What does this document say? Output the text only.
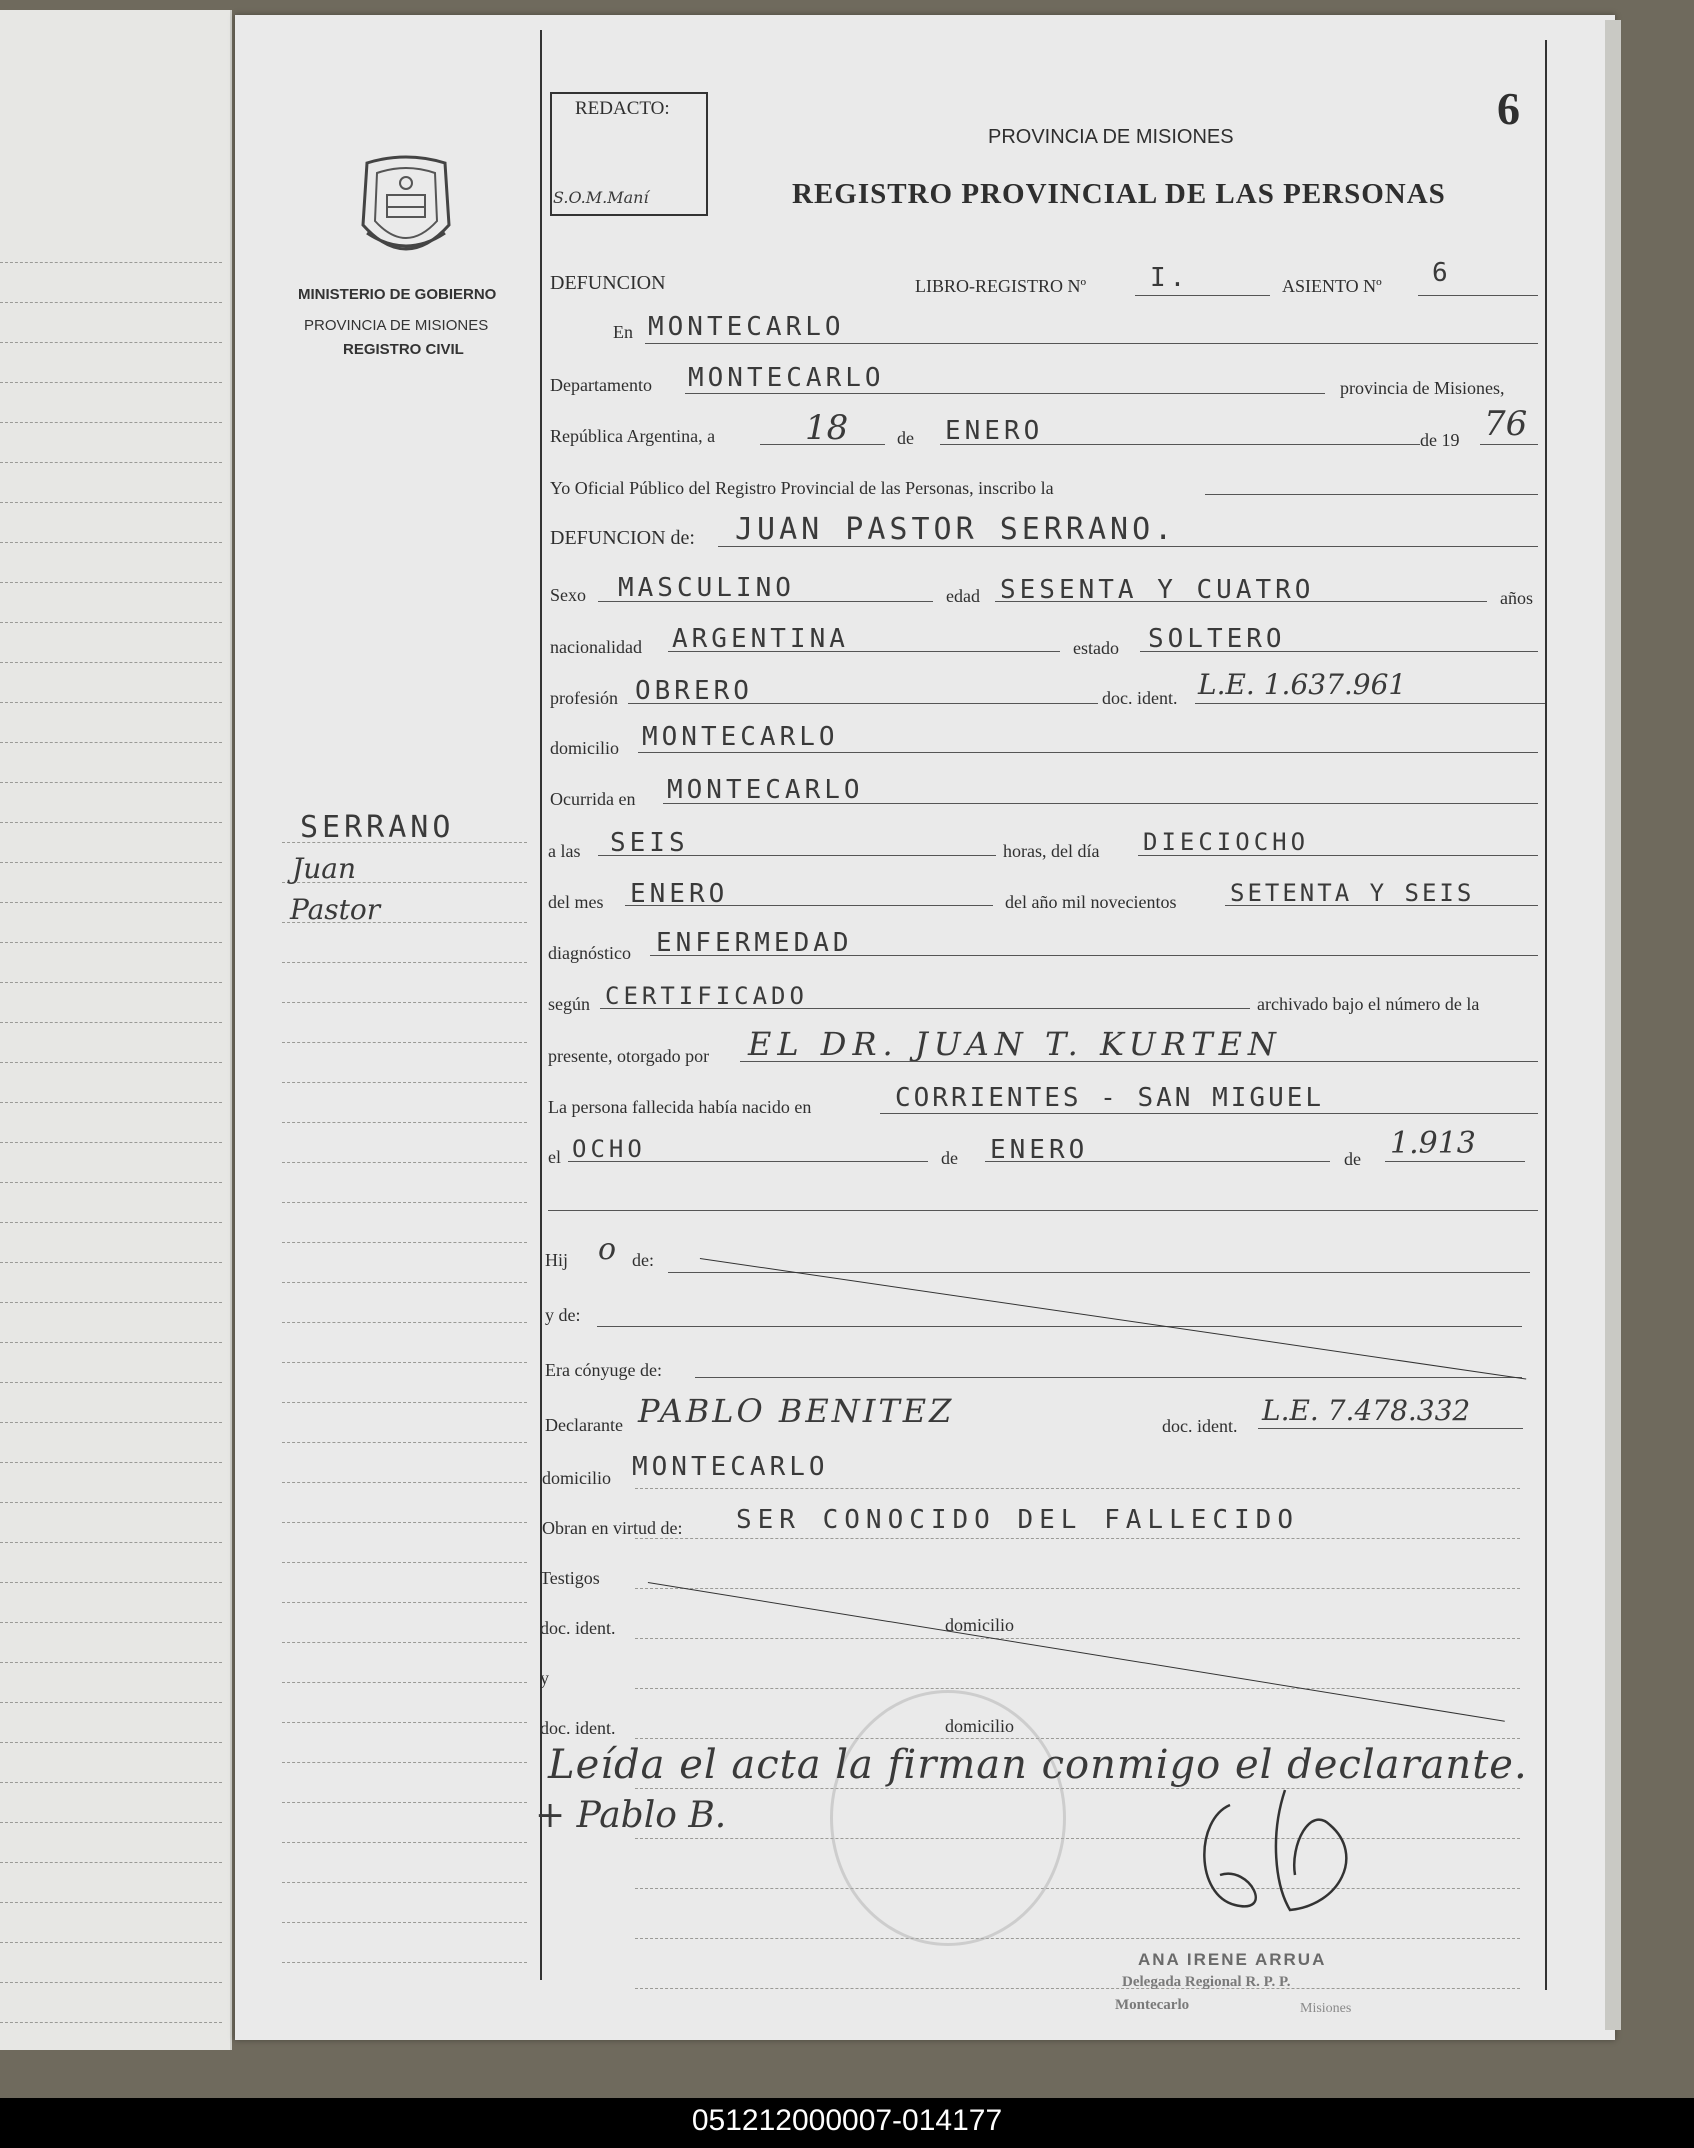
051212000007-014177
MINISTERIO DE GOBIERNO
PROVINCIA DE MISIONES
REGISTRO CIVIL
SERRANO
Juan
Pastor
REDACTO:
S.O.M.Maní
6
PROVINCIA DE MISIONES
REGISTRO PROVINCIAL DE LAS PERSONAS
DEFUNCION	LIBRO-REGISTRO Nº I.	ASIENTO Nº 6
En MONTECARLO
Departamento MONTECARLO	provincia de Misiones,
República Argentina, a	18	de ENERO	de 19 76
Yo Oficial Público del Registro Provincial de las Personas, inscribo la
DEFUNCION de: JUAN PASTOR SERRANO.
Sexo MASCULINO	edad SESENTA Y CUATRO	años
nacionalidad ARGENTINA	estado SOLTERO
profesión OBRERO	doc. ident. L.E. 1.637.961
domicilio MONTECARLO
Ocurrida en MONTECARLO
a las SEIS	horas, del día DIECIOCHO
del mes ENERO	del año mil novecientos SETENTA Y SEIS
diagnóstico ENFERMEDAD
según CERTIFICADO	archivado bajo el número de la
presente, otorgado por EL DR. JUAN T. KURTEN
La persona fallecida había nacido en	CORRIENTES - SAN MIGUEL
el OCHO	de ENERO	de 1.913
Hij o de:
y de:
Era cónyuge de:
Declarante PABLO BENITEZ	doc. ident. L.E. 7.478.332
domicilio MONTECARLO
Obran en virtud de: SER CONOCIDO DEL FALLECIDO
Testigos
doc. ident.	domicilio
y
doc. ident.	domicilio
Leída el acta la firman conmigo el declarante.
+ Pablo B.
ANA IRENE ARRUA
Delegada Regional R. P. P.
Montecarlo	Misiones
